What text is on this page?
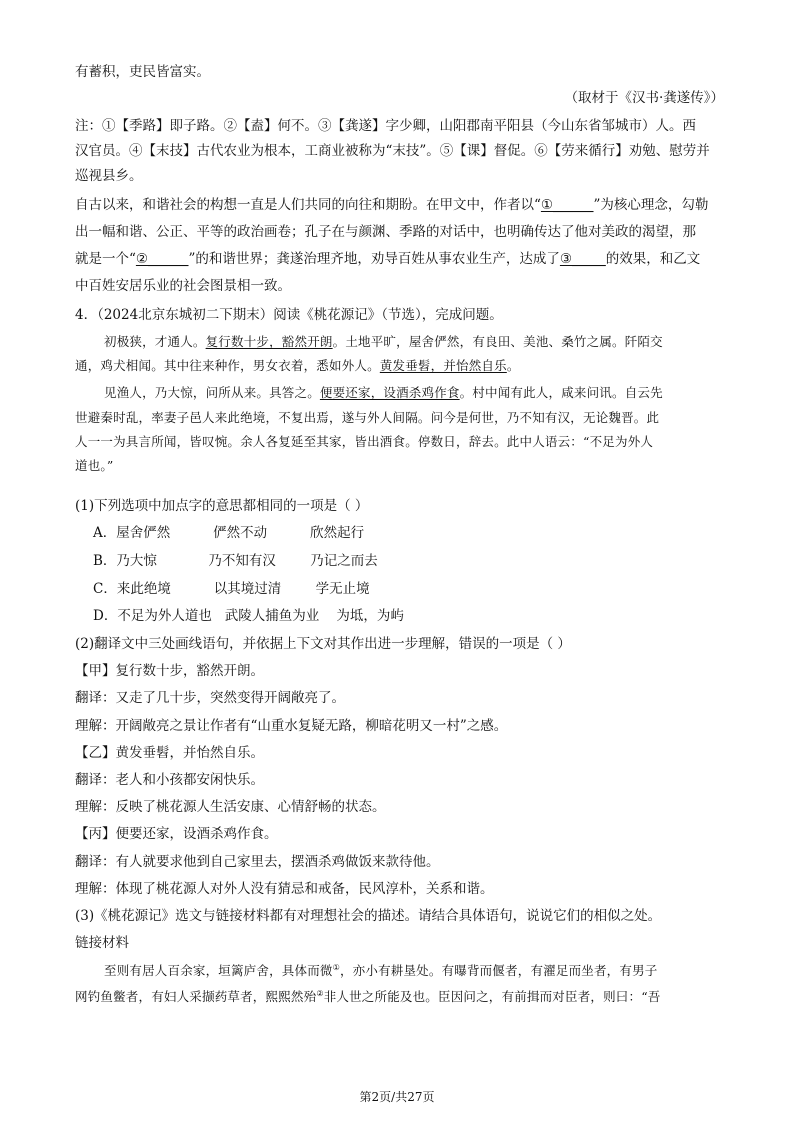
有蓄积，吏民皆富实。
（取材于《汉书·龚遂传》）
注：①【季路】即子路。②【盍】何不。③【龚遂】字少卿，山阳郡南平阳县（今山东省邹城市）人。西
汉官员。④【末技】古代农业为根本，工商业被称为“末技”。⑤【课】督促。⑥【劳来循行】劝勉、慰劳并
巡视县乡。
自古以来，和谐社会的构想一直是人们共同的向往和期盼。在甲文中，作者以“①______”为核心理念，勾勒
出一幅和谐、公正、平等的政治画卷；孔子在与颜渊、季路的对话中，也明确传达了他对美政的渴望，那
就是一个“②______”的和谐世界；龚遂治理齐地，劝导百姓从事农业生产，达成了③_____的效果，和乙文
中百姓安居乐业的社会图景相一致。
4．（2024北京东城初二下期末）阅读《桃花源记》（节选），完成问题。
初极狭，才通人。复行数十步，豁然开朗。土地平旷，屋舍俨然，有良田、美池、桑竹之属。阡陌交
通，鸡犬相闻。其中往来种作，男女衣着，悉如外人。黄发垂髫，并怡然自乐。
见渔人，乃大惊，问所从来。具答之。便要还家，设酒杀鸡作食。村中闻有此人，咸来问讯。自云先
世避秦时乱，率妻子邑人来此绝境，不复出焉，遂与外人间隔。问今是何世，乃不知有汉，无论魏晋。此
人一一为具言所闻，皆叹惋。余人各复延至其家，皆出酒食。停数日，辞去。此中人语云：“不足为外人
道也。”
(1)下列选项中加点字的意思都相同的一项是（ ）
A．屋舍俨然          俨然不动          欣然起行
B．乃大惊            乃不知有汉        乃记之而去
C．来此绝境          以其境过清        学无止境
D．不足为外人道也   武陵人捕鱼为业    为坻，为屿
(2)翻译文中三处画线语句，并依据上下文对其作出进一步理解，错误的一项是（ ）
【甲】复行数十步，豁然开朗。
翻译：又走了几十步，突然变得开阔敞亮了。
理解：开阔敞亮之景让作者有“山重水复疑无路，柳暗花明又一村”之感。
【乙】黄发垂髫，并怡然自乐。
翻译：老人和小孩都安闲快乐。
理解：反映了桃花源人生活安康、心情舒畅的状态。
【丙】便要还家，设酒杀鸡作食。
翻译：有人就要求他到自己家里去，摆酒杀鸡做饭来款待他。
理解：体现了桃花源人对外人没有猜忌和戒备，民风淳朴，关系和谐。
(3)《桃花源记》选文与链接材料都有对理想社会的描述。请结合具体语句，说说它们的相似之处。
链接材料
至则有居人百余家，垣篱庐舍，具体而微①，亦小有耕垦处。有曝背而偃者，有濯足而坐者，有男子
网钓鱼鳖者，有妇人采撷药草者，熙熙然殆②非人世之所能及也。臣因问之，有前揖而对臣者，则曰：“吾
第2页/共27页
